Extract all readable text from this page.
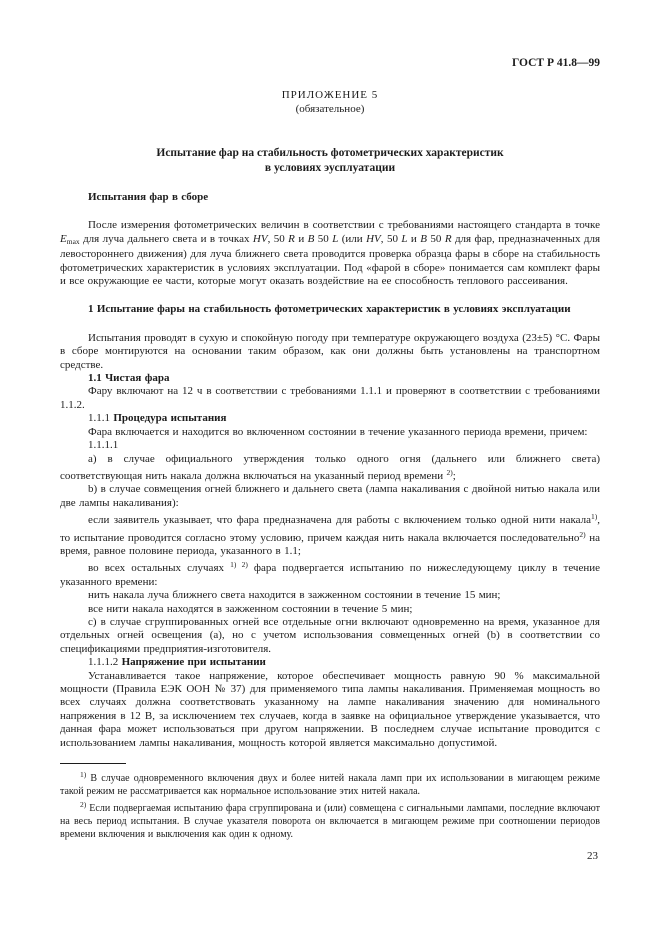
ГОСТ Р 41.8—99

ПРИЛОЖЕНИЕ 5

(обязательное)

Испытание фар на стабильность фотометрических характеристик
в условиях эусплуатации

Испытания фар в сборе

После измерения фотометрических величин в соответствии с требованиями настоящего стандарта в точке $E_{max}$ для луча дальнего света и в точках HV, 50 R и B 50 L (или HV, 50 L и B 50 R для фар, предназначенных для левостороннего движения) для луча ближнего света проводится проверка образца фары в сборе на стабильность фотометрических характеристик в условиях эксплуатации. Под «фарой в сборе» понимается сам комплект фары и все окружающие ее части, которые могут оказать воздействие на ее способность теплового рассеивания.

1 Испытание фары на стабильность фотометрических характеристик в условиях эксплуатации

Испытания проводят в сухую и спокойную погоду при температуре окружающего воздуха (23±5) °С. Фары в сборе монтируются на основании таким образом, как они должны быть установлены на транспортном средстве.

1.1 Чистая фара

Фару включают на 12 ч в соответствии с требованиями 1.1.1 и проверяют в соответствии с требованиями 1.1.2.

1.1.1 Процедура испытания

Фара включается и находится во включенном состоянии в течение указанного периода времени, причем:

1.1.1.1

а) в случае официального утверждения только одного огня (дальнего или ближнего света) соответствующая нить накала должна включаться на указанный период времени $^{2)}$;

b) в случае совмещения огней ближнего и дальнего света (лампа накаливания с двойной нитью накала или две лампы накаливания):

если заявитель указывает, что фара предназначена для работы с включением только одной нити накала$^{1)}$, то испытание проводится согласно этому условию, причем каждая нить накала включается последовательно$^{2)}$ на время, равное половине периода, указанного в 1.1;

во всех остальных случаях $^{1) 2)}$ фара подвергается испытанию по нижеследующему циклу в течение указанного времени:

нить накала луча ближнего света находится в зажженном состоянии в течение 15 мин;

все нити накала находятся в зажженном состоянии в течение 5 мин;

с) в случае сгруппированных огней все отдельные огни включают одновременно на время, указанное для отдельных огней освещения (а), но с учетом использования совмещенных огней (b) в соответствии со спецификациями предприятия-изготовителя.

1.1.1.2 Напряжение при испытании

Устанавливается такое напряжение, которое обеспечивает мощность равную 90 % максимальной мощности (Правила ЕЭК ООН № 37) для применяемого типа лампы накаливания. Применяемая мощность во всех случаях должна соответствовать указанному на лампе накаливания значению для номинального напряжения в 12 В, за исключением тех случаев, когда в заявке на официальное утверждение указывается, что данная фара может использоваться при другом напряжении. В последнем случае испытание проводится с использованием лампы накаливания, мощность которой является максимально допустимой.

$^{1)}$ В случае одновременного включения двух и более нитей накала ламп при их использовании в мигающем режиме такой режим не рассматривается как нормальное использование этих нитей накала.

$^{2)}$ Если подвергаемая испытанию фара сгруппирована и (или) совмещена с сигнальными лампами, последние включают на весь период испытания. В случае указателя поворота он включается в мигающем режиме при соотношении периодов времени включения и выключения как один к одному.

23
